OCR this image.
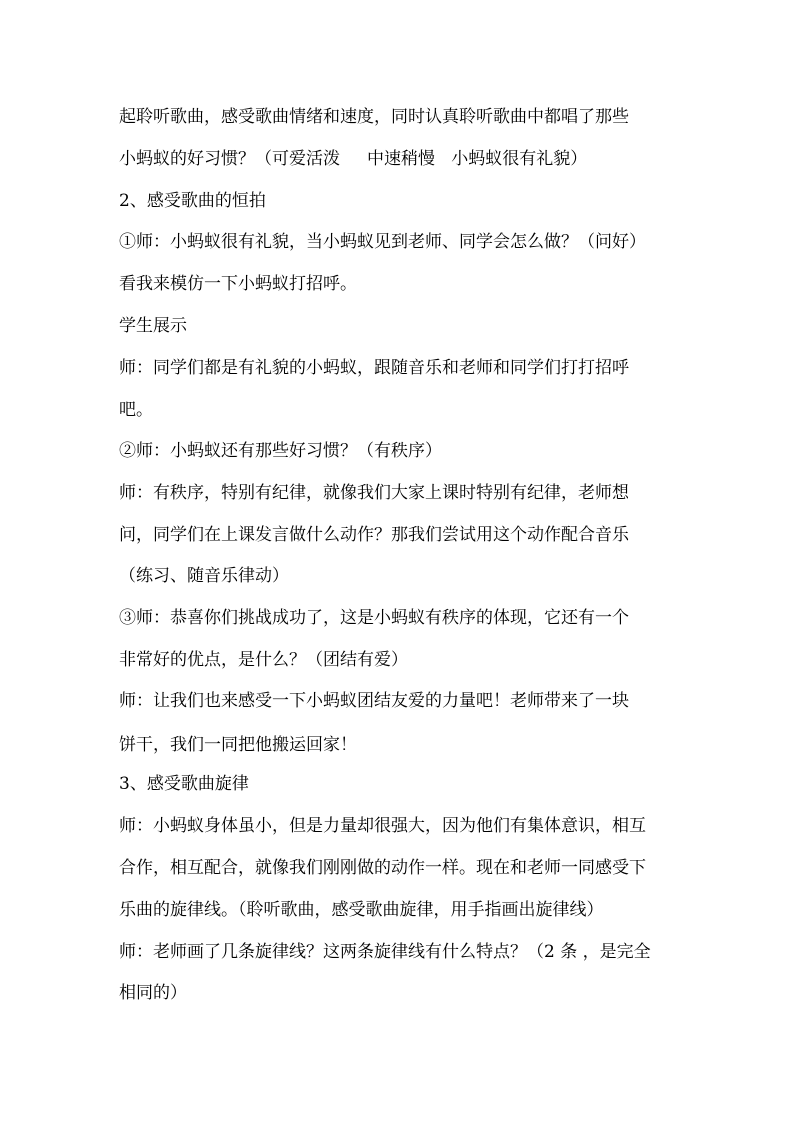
起聆听歌曲，感受歌曲情绪和速度，同时认真聆听歌曲中都唱了那些
小蚂蚁的好习惯？（可爱活泼     中速稍慢   小蚂蚁很有礼貌）
2、感受歌曲的恒拍
①师：小蚂蚁很有礼貌，当小蚂蚁见到老师、同学会怎么做？（问好）
看我来模仿一下小蚂蚁打招呼。
学生展示
师：同学们都是有礼貌的小蚂蚁，跟随音乐和老师和同学们打打招呼
吧。
②师：小蚂蚁还有那些好习惯？（有秩序）
师：有秩序，特别有纪律，就像我们大家上课时特别有纪律，老师想
问，同学们在上课发言做什么动作？那我们尝试用这个动作配合音乐
（练习、随音乐律动）
③师：恭喜你们挑战成功了，这是小蚂蚁有秩序的体现，它还有一个
非常好的优点，是什么？（团结有爱）
师：让我们也来感受一下小蚂蚁团结友爱的力量吧！老师带来了一块
饼干，我们一同把他搬运回家！
3、感受歌曲旋律
师：小蚂蚁身体虽小，但是力量却很强大，因为他们有集体意识，相互
合作，相互配合，就像我们刚刚做的动作一样。现在和老师一同感受下
乐曲的旋律线。（聆听歌曲，感受歌曲旋律，用手指画出旋律线）
师：老师画了几条旋律线？这两条旋律线有什么特点？（2 条 ，是完全
相同的）
